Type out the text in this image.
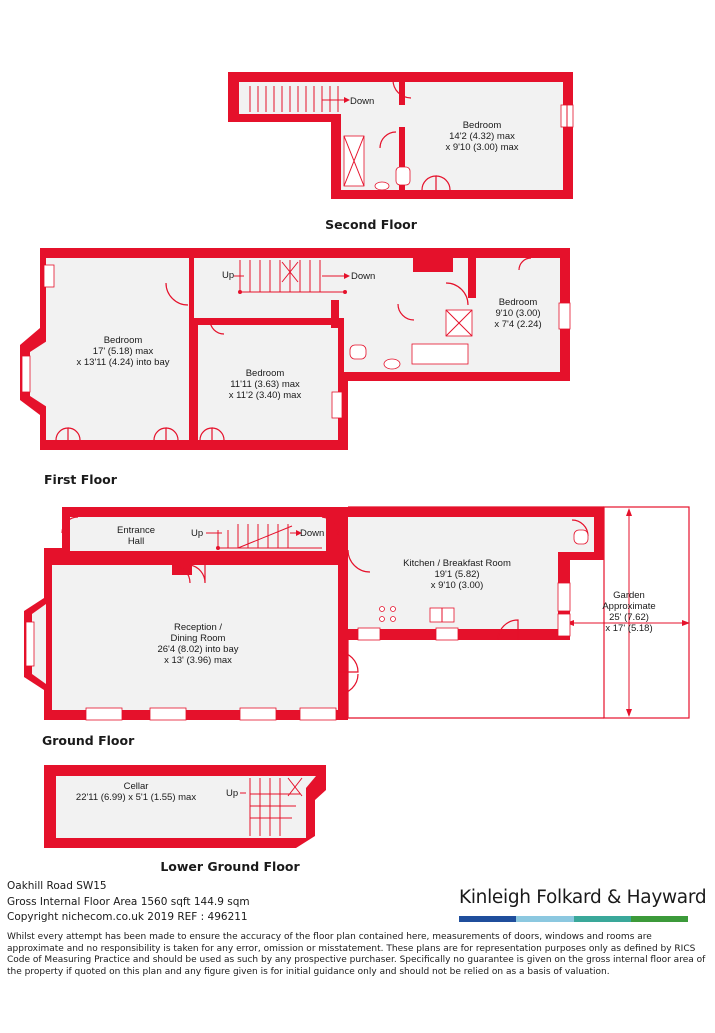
Down
Bedroom
14'2 (4.32) max
x 9'10 (3.00) max
Second Floor
Up	Down
Bedroom
17' (5.18) max
x 13'11 (4.24) into bay
Bedroom
11'11 (3.63) max
x 11'2 (3.40) max
Bedroom
9'10 (3.00)
x 7'4 (2.24)
First Floor
Entrance
Hall
Up	Down
Reception /
Dining Room
26'4 (8.02) into bay
x 13' (3.96) max
Kitchen / Breakfast Room
19'1 (5.82)
x 9'10 (3.00)
Garden
Approximate
25' (7.62)
x 17' (5.18)
Ground Floor
Cellar
22'11 (6.99) x 5'1 (1.55) max	Up
Lower Ground Floor
Oakhill Road SW15
Gross Internal Floor Area 1560 sqft 144.9 sqm
Copyright nichecom.co.uk 2019 REF : 496211
Kinleigh Folkard & Hayward
Whilst every attempt has been made to ensure the accuracy of the floor plan contained here, measurements of doors, windows and rooms are approximate and no responsibility is taken for any error, omission or misstatement. These plans are for representation purposes only as defined by RICS Code of Measuring Practice and should be used as such by any prospective purchaser. Specifically no guarantee is given on the gross internal floor area of the property if quoted on this plan and any figure given is for initial guidance only and should not be relied on as a basis of valuation.
